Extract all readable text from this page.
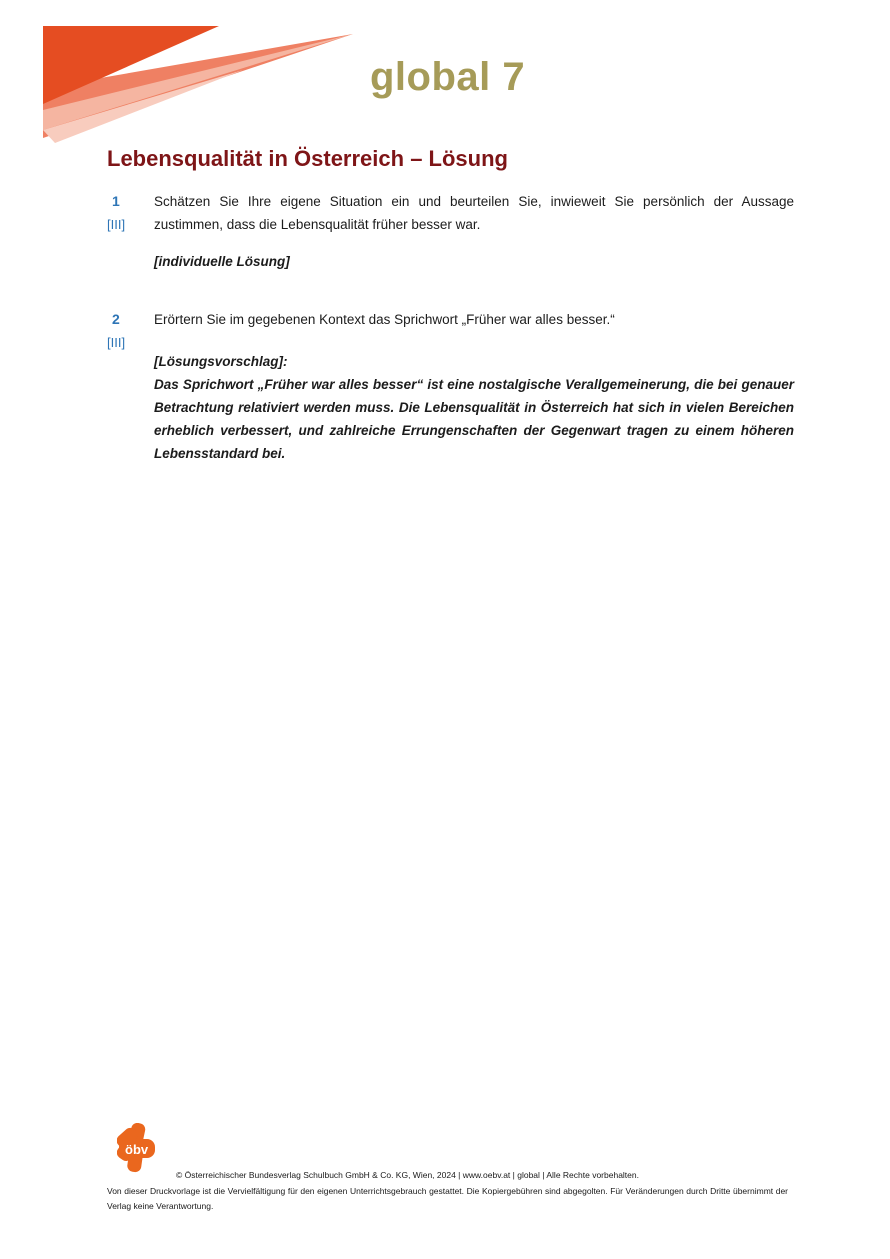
global 7
Lebensqualität in Österreich – Lösung
1
[III]
Schätzen Sie Ihre eigene Situation ein und beurteilen Sie, inwieweit Sie persönlich der Aussage zustimmen, dass die Lebensqualität früher besser war.
[individuelle Lösung]
2
[III]
Erörtern Sie im gegebenen Kontext das Sprichwort „Früher war alles besser.“
[Lösungsvorschlag]:
Das Sprichwort „Früher war alles besser“ ist eine nostalgische Verallgemeinerung, die bei genauer Betrachtung relativiert werden muss. Die Lebensqualität in Österreich hat sich in vielen Bereichen erheblich verbessert, und zahlreiche Errungenschaften der Gegenwart tragen zu einem höheren Lebensstandard bei.
öbv
© Österreichischer Bundesverlag Schulbuch GmbH & Co. KG, Wien, 2024 | www.oebv.at | global | Alle Rechte vorbehalten.
Von dieser Druckvorlage ist die Vervielfältigung für den eigenen Unterrichtsgebrauch gestattet. Die Kopiergebühren sind abgegolten. Für Veränderungen durch Dritte übernimmt der Verlag keine Verantwortung.
